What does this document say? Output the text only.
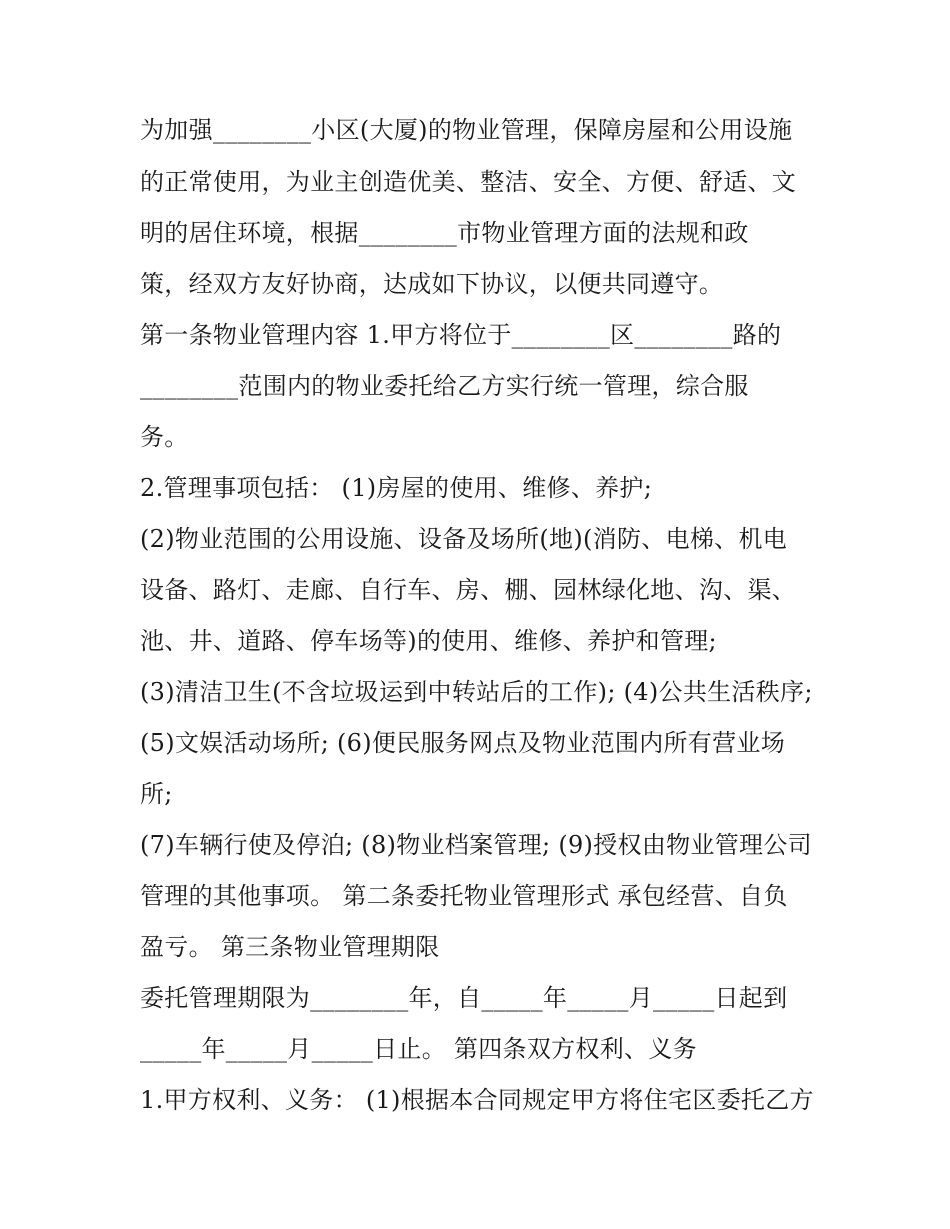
为加强________小区(大厦)的物业管理，保障房屋和公用设施
的正常使用，为业主创造优美、整洁、安全、方便、舒适、文
明的居住环境，根据________市物业管理方面的法规和政
策，经双方友好协商，达成如下协议，以便共同遵守。
第一条物业管理内容 1.甲方将位于________区________路的
________范围内的物业委托给乙方实行统一管理，综合服
务。
2.管理事项包括： (1)房屋的使用、维修、养护;
(2)物业范围的公用设施、设备及场所(地)(消防、电梯、机电
设备、路灯、走廊、自行车、房、棚、园林绿化地、沟、渠、
池、井、道路、停车场等)的使用、维修、养护和管理;
(3)清洁卫生(不含垃圾运到中转站后的工作); (4)公共生活秩序;
(5)文娱活动场所; (6)便民服务网点及物业范围内所有营业场
所;
(7)车辆行使及停泊; (8)物业档案管理; (9)授权由物业管理公司
管理的其他事项。 第二条委托物业管理形式 承包经营、自负
盈亏。 第三条物业管理期限
委托管理期限为________年，自_____年_____月_____日起到
_____年_____月_____日止。 第四条双方权利、义务
1.甲方权利、义务： (1)根据本合同规定甲方将住宅区委托乙方
